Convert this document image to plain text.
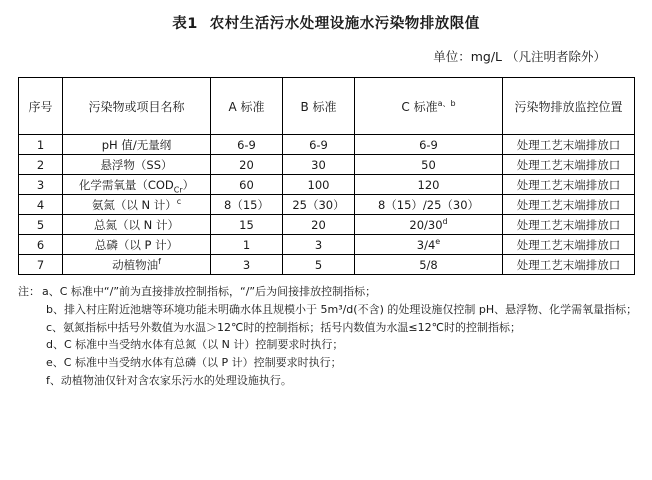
表1 农村生活污水处理设施水污染物排放限值
单位：mg/L （凡注明者除外）
序号	污染物或项目名称	A 标准	B 标准	C 标准$^{a、b}$	污染物排放监控位置
1	pH 值/无量纲	6-9	6-9	6-9	处理工艺末端排放口
2	悬浮物（SS）	20	30	50	处理工艺末端排放口
3	化学需氧量$(COD_{Cr})$	60	100	120	处理工艺末端排放口
4	氨氮（以 N 计）$^c$	8（15）	25（30）	8（15）/25（30）	处理工艺末端排放口
5	总氮（以 N 计）	15	20	20/30$^d$	处理工艺末端排放口
6	总磷（以 P 计）	1	3	3/4e	处理工艺末端排放口
7	动植物油$^f$	3	5	5/8	处理工艺末端排放口
注： a、C 标准中“/”前为直接排放控制指标，“/”后为间接排放控制指标；
b、排入村庄附近池塘等环境功能未明确水体且规模小于 5m³/d(不含) 的处理设施仅控制 pH、悬浮物、化学需氧量指标；
c、氨氮指标中括号外数值为水温＞12℃时的控制指标；括号内数值为水温≤12℃时的控制指标；
d、C 标准中当受纳水体有总氮（以 N 计）控制要求时执行；
e、C 标准中当受纳水体有总磷（以 P 计）控制要求时执行；
f、动植物油仅针对含农家乐污水的处理设施执行。
